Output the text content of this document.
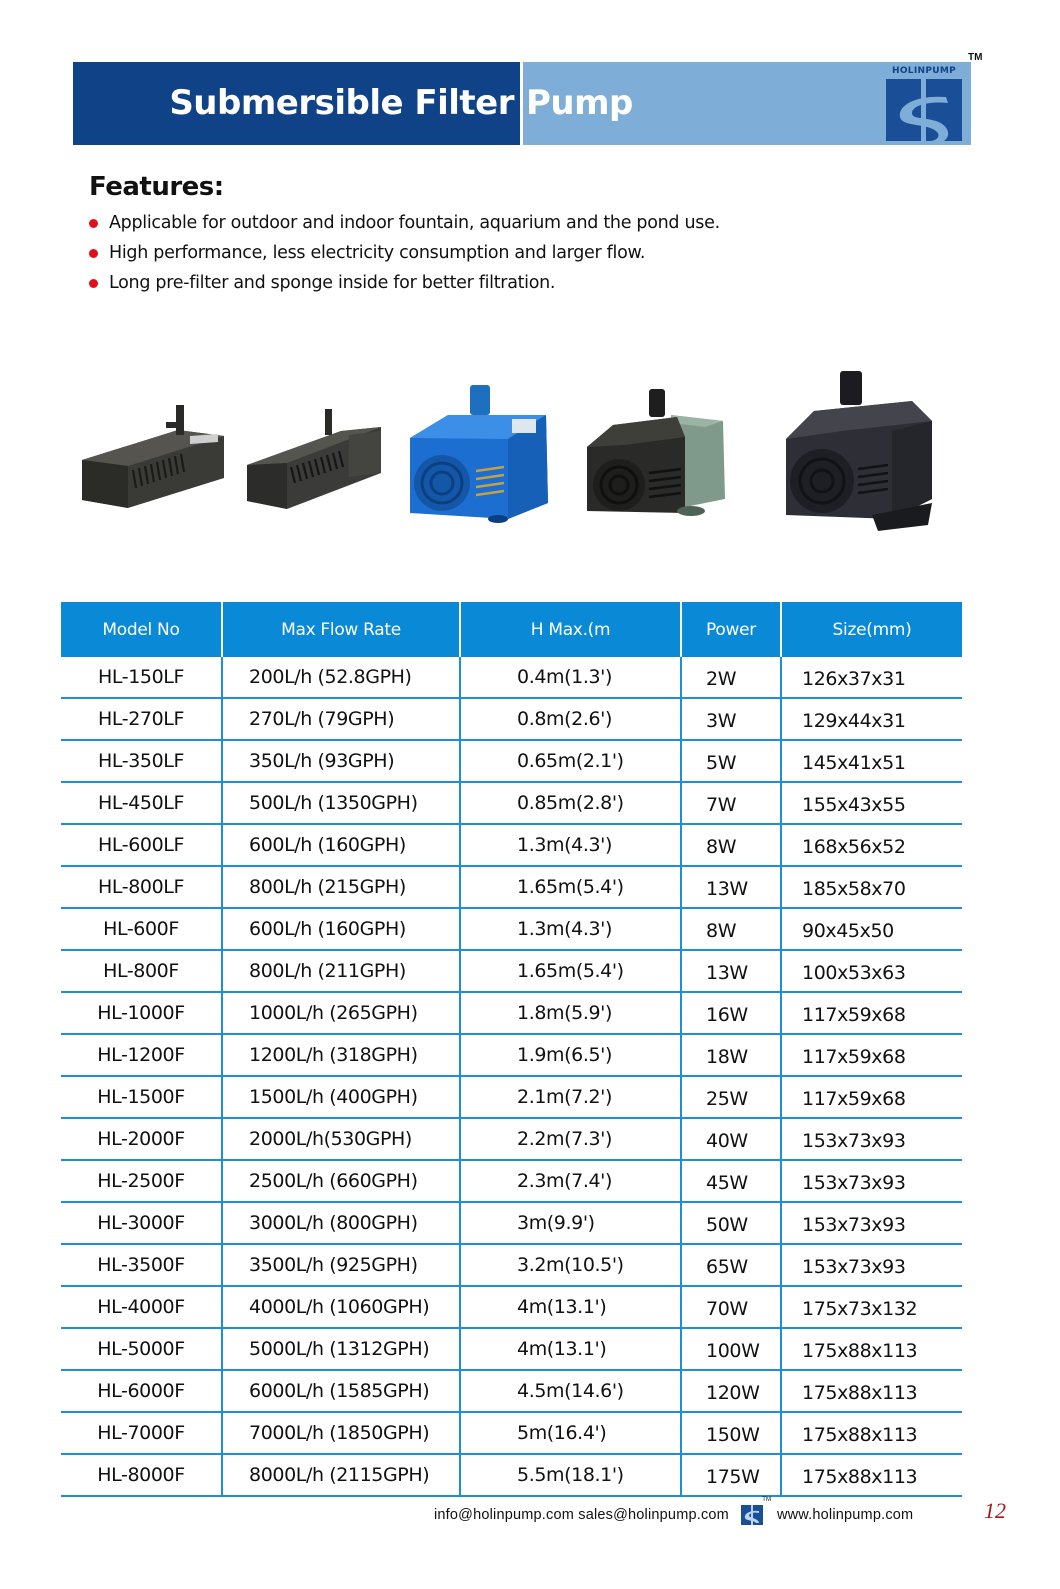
Submersible Filter Pump
HOLINPUMP
TM
Features:
Applicable for outdoor and indoor fountain, aquarium and the pond use.
High performance, less electricity consumption and larger flow.
Long pre-filter and sponge inside for better filtration.
Model No	Max Flow Rate	H Max.(m	Power	Size(mm)
HL-150LF	200L/h (52.8GPH)	0.4m(1.3')	2W	126x37x31
HL-270LF	270L/h (79GPH)	0.8m(2.6')	3W	129x44x31
HL-350LF	350L/h (93GPH)	0.65m(2.1')	5W	145x41x51
HL-450LF	500L/h (1350GPH)	0.85m(2.8')	7W	155x43x55
HL-600LF	600L/h (160GPH)	1.3m(4.3')	8W	168x56x52
HL-800LF	800L/h (215GPH)	1.65m(5.4')	13W	185x58x70
HL-600F	600L/h (160GPH)	1.3m(4.3')	8W	90x45x50
HL-800F	800L/h (211GPH)	1.65m(5.4')	13W	100x53x63
HL-1000F	1000L/h (265GPH)	1.8m(5.9')	16W	117x59x68
HL-1200F	1200L/h (318GPH)	1.9m(6.5')	18W	117x59x68
HL-1500F	1500L/h (400GPH)	2.1m(7.2')	25W	117x59x68
HL-2000F	2000L/h(530GPH)	2.2m(7.3')	40W	153x73x93
HL-2500F	2500L/h (660GPH)	2.3m(7.4')	45W	153x73x93
HL-3000F	3000L/h (800GPH)	3m(9.9')	50W	153x73x93
HL-3500F	3500L/h (925GPH)	3.2m(10.5')	65W	153x73x93
HL-4000F	4000L/h (1060GPH)	4m(13.1')	70W	175x73x132
HL-5000F	5000L/h (1312GPH)	4m(13.1')	100W	175x88x113
HL-6000F	6000L/h (1585GPH)	4.5m(14.6')	120W	175x88x113
HL-7000F	7000L/h (1850GPH)	5m(16.4')	150W	175x88x113
HL-8000F	8000L/h (2115GPH)	5.5m(18.1')	175W	175x88x113
info@holinpump.com sales@holinpump.com
TM
www.holinpump.com	12
